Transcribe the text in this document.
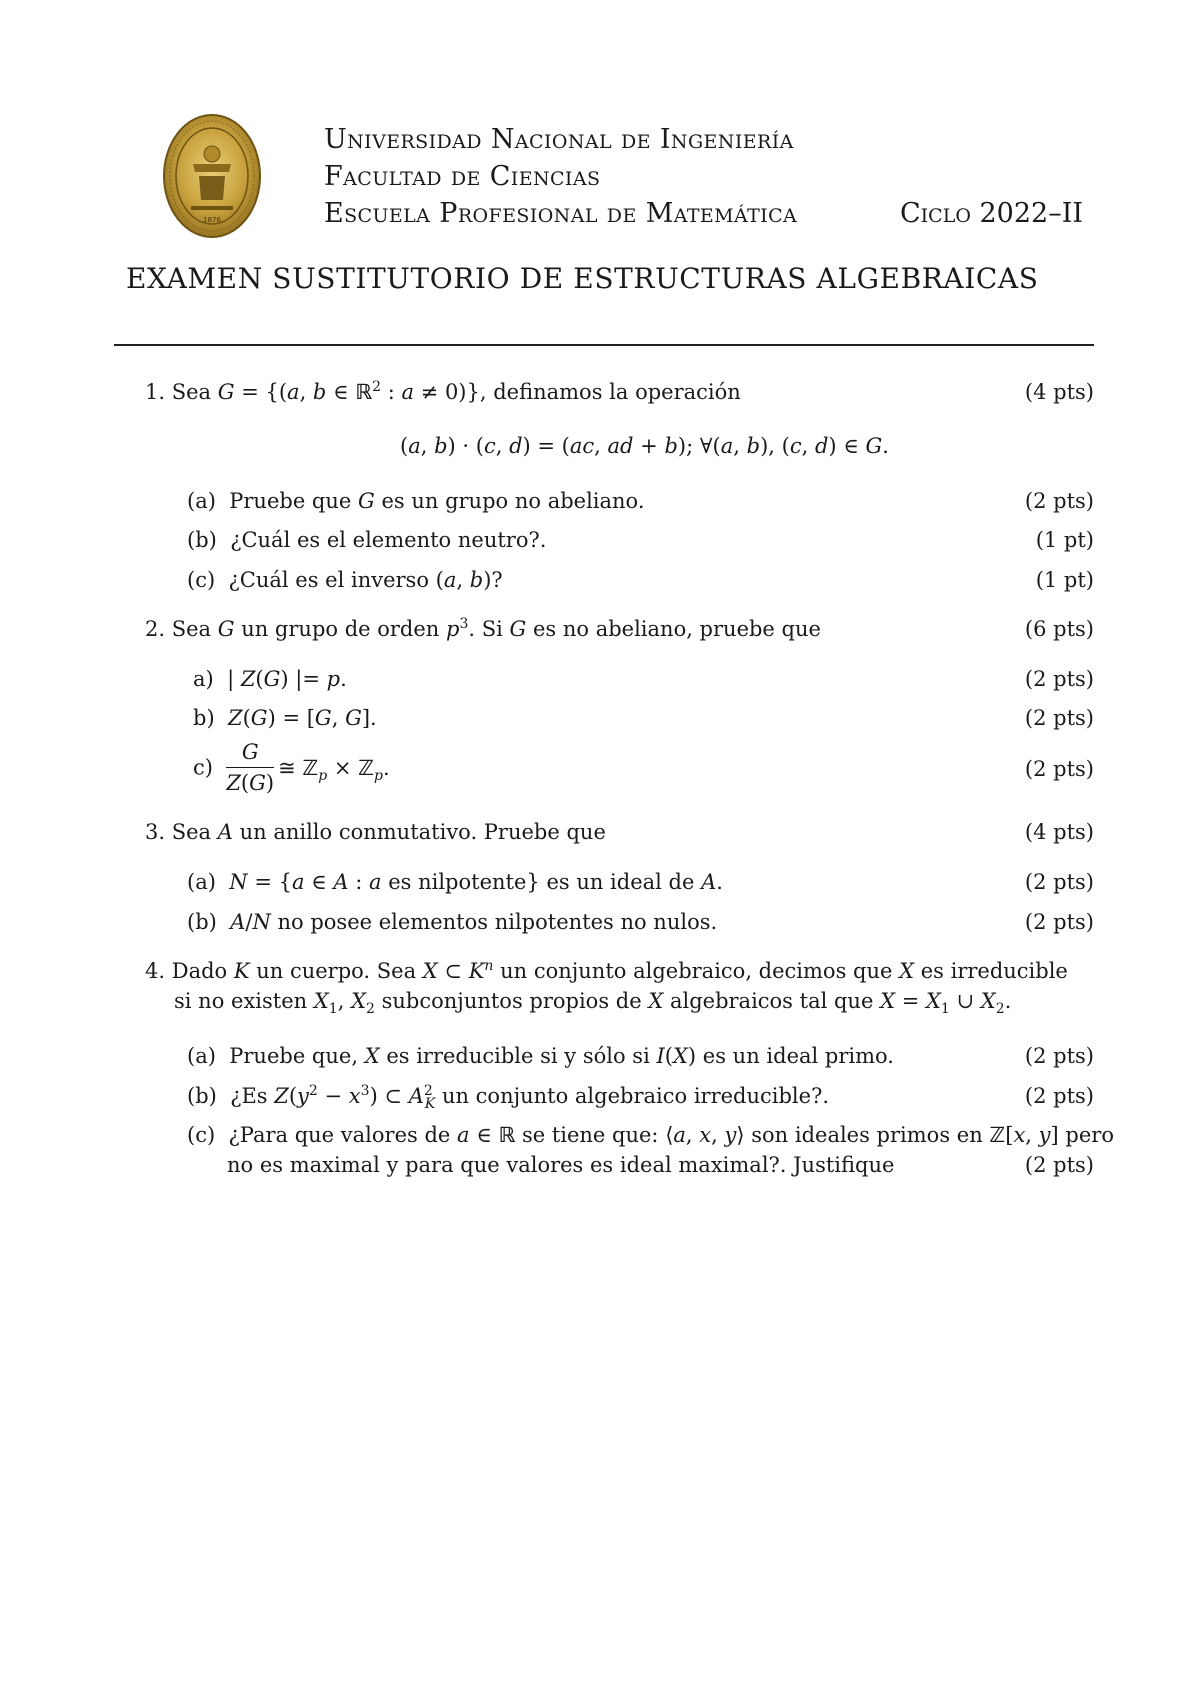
1876
Universidad Nacional de Ingeniería
Facultad de Ciencias
Escuela Profesional de Matemática	Ciclo 2022–II
EXAMEN SUSTITUTORIO DE ESTRUCTURAS ALGEBRAICAS
1. Sea G = {(a, b ∈ ℝ$^2$ : a ≠ 0)}, definamos la operación	(4 pts)
(a, b) · (c, d) = (ac, ad + b); ∀(a, b), (c, d) ∈ G.
(a) Pruebe que G es un grupo no abeliano.	(2 pts)
(b) ¿Cuál es el elemento neutro?.	(1 pt)
(c) ¿Cuál es el inverso (a, b)?	(1 pt)
2. Sea G un grupo de orden $p^3$. Si G es no abeliano, pruebe que	(6 pts)
a)  | Z(G) |= p.	(2 pts)
b) Z(G) = [G, G].	(2 pts)
$c) \frac{G}{Z(G)}$ ≅ ℤ$_p$ × ℤ$_p$.	(2 pts)
3. Sea A un anillo conmutativo. Pruebe que	(4 pts)
(a) N = {a ∈ A : a es nilpotente} es un ideal de A.	(2 pts)
(b) A/N no posee elementos nilpotentes no nulos.	(2 pts)
4. Dado K un cuerpo. Sea X ⊂ $K^n$ un conjunto algebraico, decimos que X es irreducible
si no existen $X_1$, $X_2$ subconjuntos propios de X algebraicos tal que $X = X_1$ ∪ $X_2$.
(a) Pruebe que, X es irreducible si y sólo si I(X) es un ideal primo.	(2 pts)
(b) ¿Es $Z(y^2 - x^3)$ ⊂ $A^2_K$ un conjunto algebraico irreducible?.	(2 pts)
(c) ¿Para que valores de a ∈ ℝ se tiene que: ⟨a, x, y⟩ son ideales primos en ℤ[x, y] pero
no es maximal y para que valores es ideal maximal?. Justifique	(2 pts)
